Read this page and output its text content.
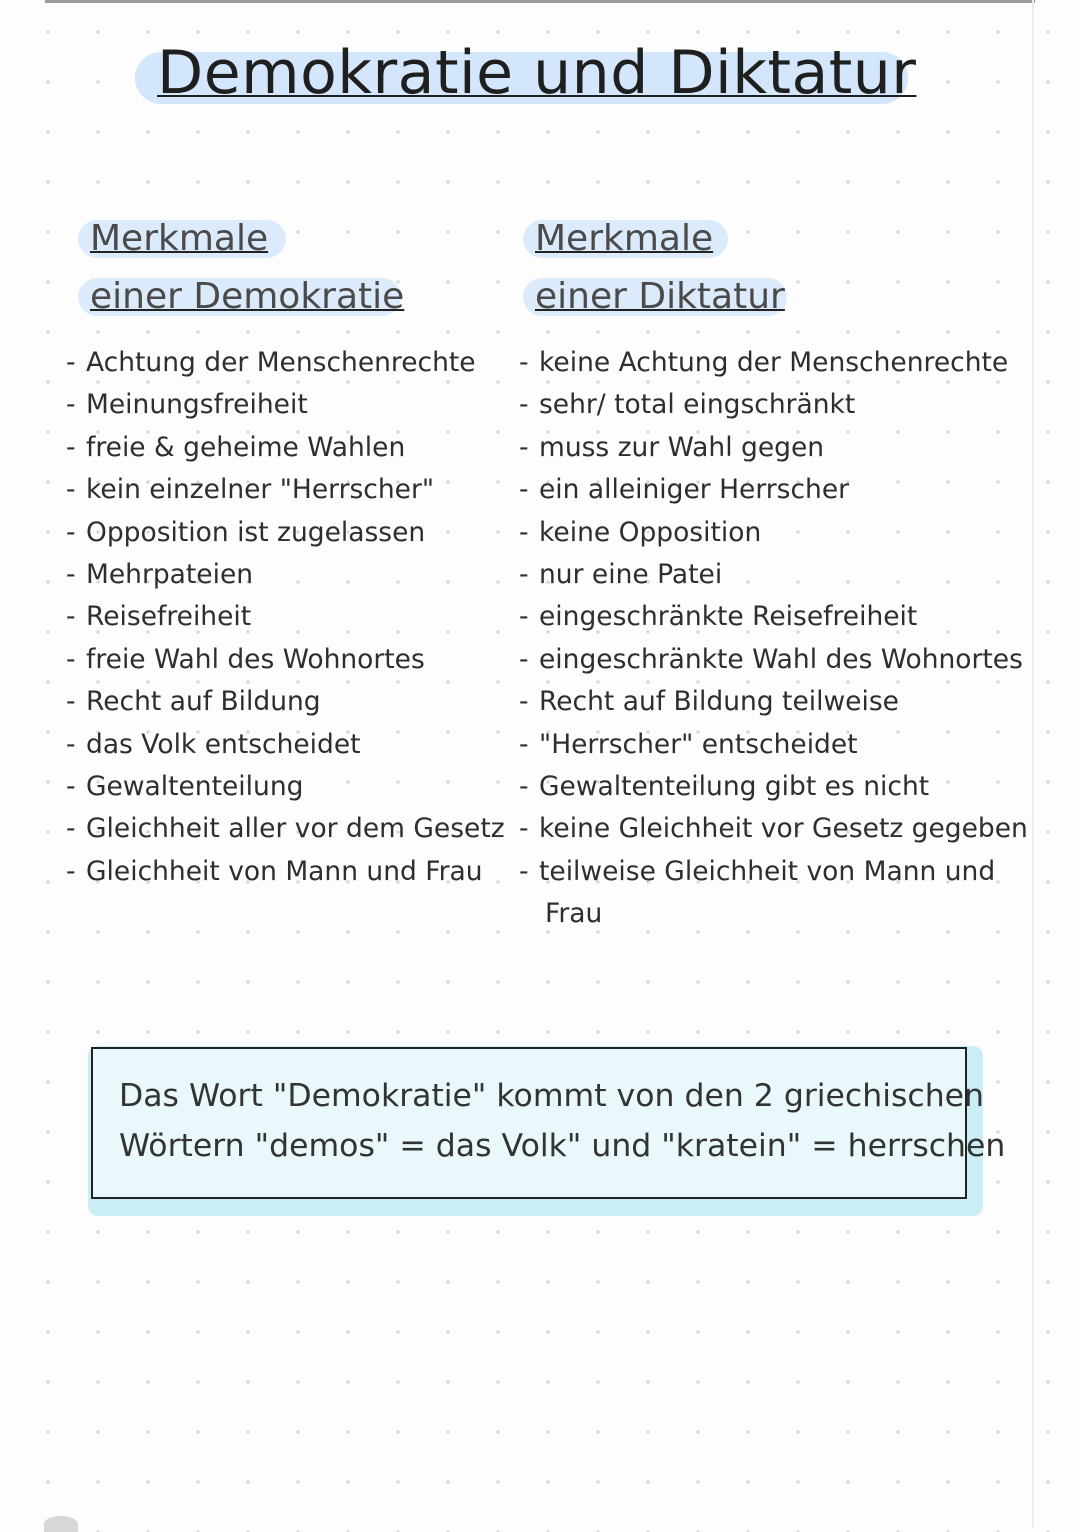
Demokratie und Diktatur
Merkmale
einer Demokratie
Merkmale
einer Diktatur
- Achtung der Menschenrechte
- Meinungsfreiheit
- freie & geheime Wahlen
- kein einzelner "Herrscher"
- Opposition ist zugelassen
- Mehrpateien
- Reisefreiheit
- freie Wahl des Wohnortes
- Recht auf Bildung
- das Volk entscheidet
- Gewaltenteilung
- Gleichheit aller vor dem Gesetz
- Gleichheit von Mann und Frau
- keine Achtung der Menschenrechte
- sehr/ total eingschränkt
- muss zur Wahl gegen
- ein alleiniger Herrscher
- keine Opposition
- nur eine Patei
- eingeschränkte Reisefreiheit
- eingeschränkte Wahl des Wohnortes
- Recht auf Bildung teilweise
- "Herrscher" entscheidet
- Gewaltenteilung gibt es nicht
- keine Gleichheit vor Gesetz gegeben
- teilweise Gleichheit von Mann und
Frau

Das Wort "Demokratie" kommt von den 2 griechischen
Wörtern "demos" = das Volk" und "kratein" = herrschen
